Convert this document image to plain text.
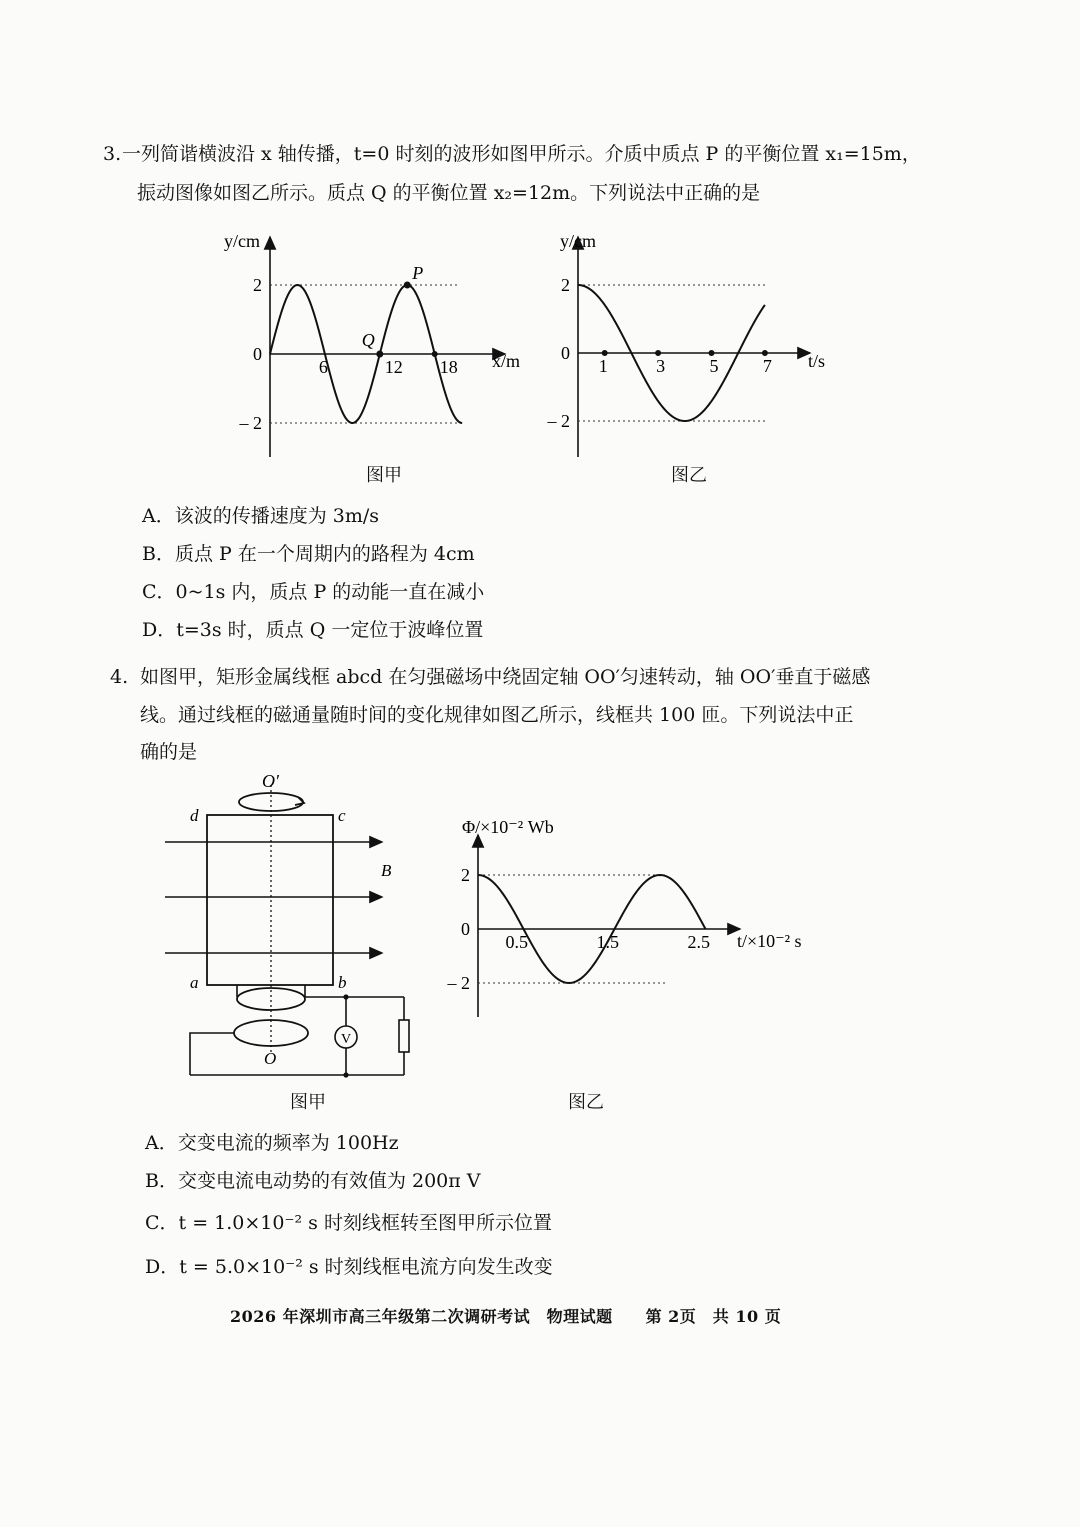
3. 一列简谐横波沿 x 轴传播，t=0 时刻的波形如图甲所示。介质中质点 P 的平衡位置 x₁=15m，
振动图像如图乙所示。质点 Q 的平衡位置 x₂=12m。下列说法中正确的是
2
0
– 2
y/cm
x/m
6	12 18
P
Q
2
0
– 2
y/cm
t/s
1	3 5 7
图甲	图乙
A．该波的传播速度为 3m/s
B．质点 P 在一个周期内的路程为 4cm
C．0~1s 内，质点 P 的动能一直在减小
D．t=3s 时，质点 Q 一定位于波峰位置
4. 如图甲，矩形金属线框 abcd 在匀强磁场中绕固定轴 OO′匀速转动，轴 OO′垂直于磁感
线。通过线框的磁通量随时间的变化规律如图乙所示，线框共 100 匝。下列说法中正
确的是
V
O′
d	c
a	b
B
O
2
0
– 2
Φ/×10⁻² Wb
t/×10⁻² s
0.5	1.5	2.5
图甲	图乙
A．交变电流的频率为 100Hz
B．交变电流电动势的有效值为 200π V
C．t = 1.0×10⁻² s 时刻线框转至图甲所示位置
D．t = 5.0×10⁻² s 时刻线框电流方向发生改变
2026 年深圳市高三年级第二次调研考试　物理试题　　第 2页　共 10 页
